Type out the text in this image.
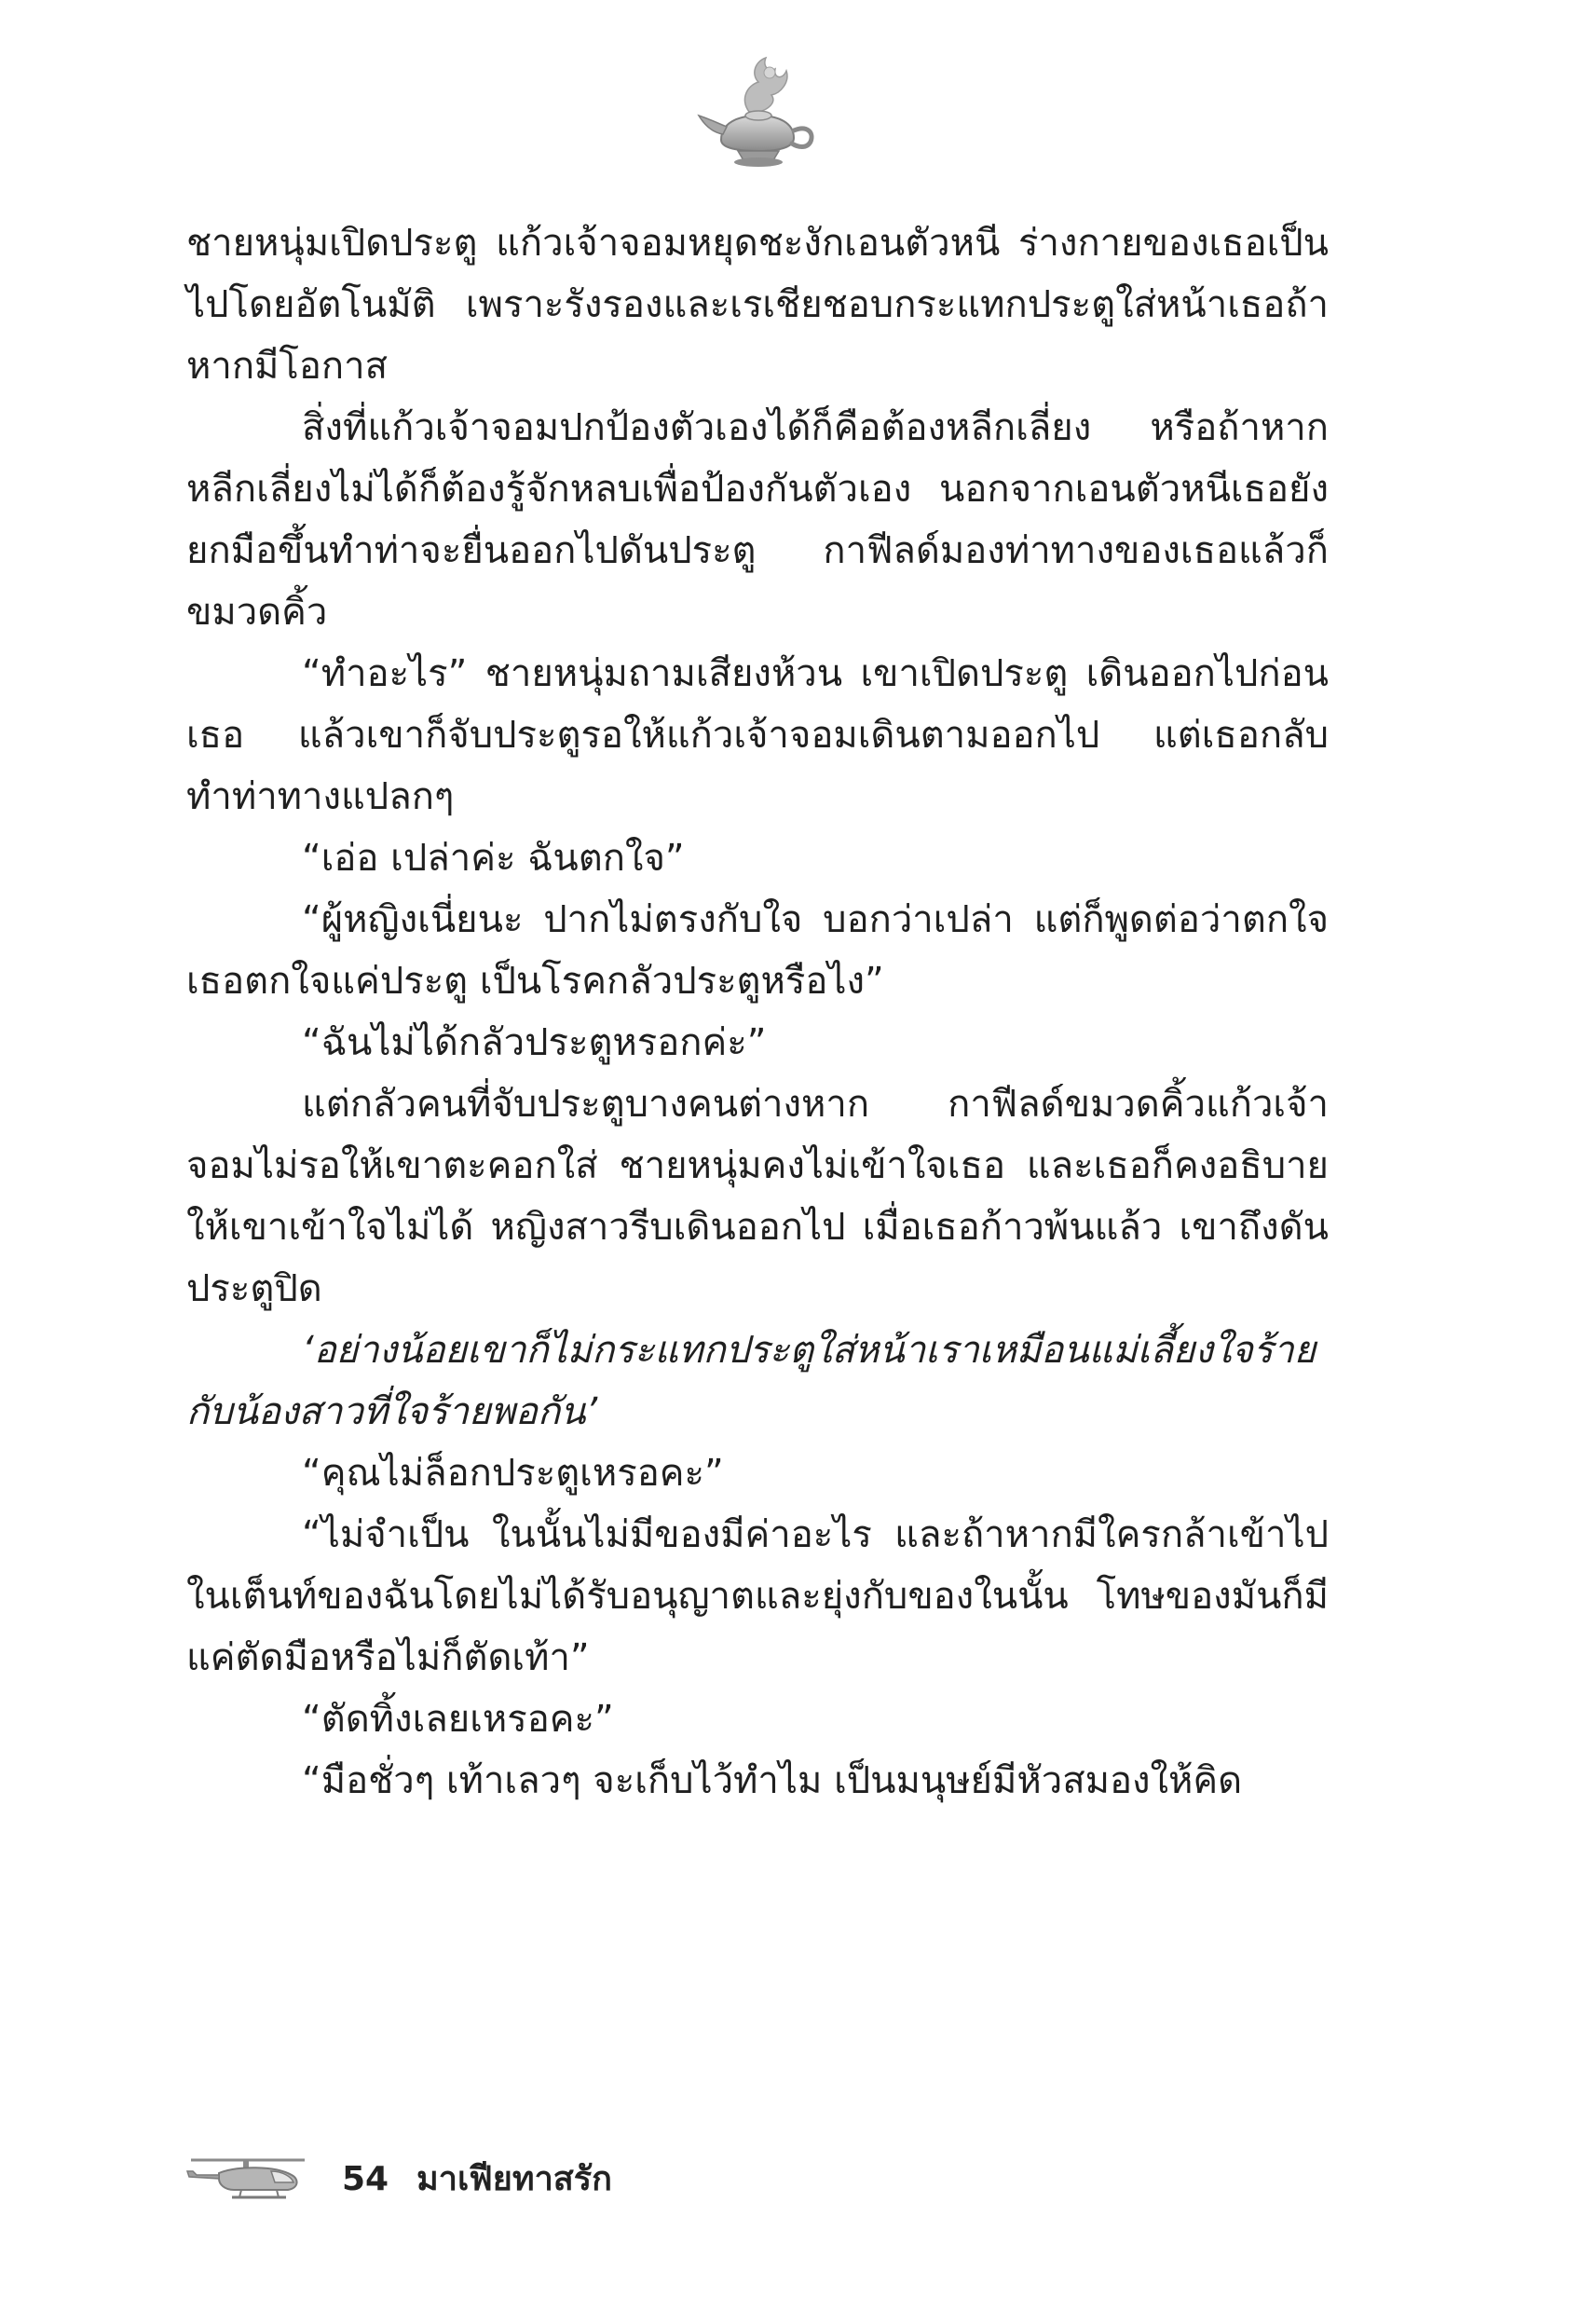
ชายหนุ่มเปิดประตู แก้วเจ้าจอมหยุดชะงักเอนตัวหนี ร่างกายของเธอเป็นไปโดยอัตโนมัติ เพราะรังรองและเรเชียชอบกระแทกประตูใส่หน้าเธอถ้าหากมีโอกาส

สิ่งที่แก้วเจ้าจอมปกป้องตัวเองได้ก็คือต้องหลีกเลี่ยง หรือถ้าหากหลีกเลี่ยงไม่ได้ก็ต้องรู้จักหลบเพื่อป้องกันตัวเอง นอกจากเอนตัวหนีเธอยังยกมือขึ้นทำท่าจะยื่นออกไปดันประตู กาฟีลด์มองท่าทางของเธอแล้วก็ขมวดคิ้ว

“ทำอะไร” ชายหนุ่มถามเสียงห้วน เขาเปิดประตู เดินออกไปก่อนเธอ แล้วเขาก็จับประตูรอให้แก้วเจ้าจอมเดินตามออกไป แต่เธอกลับทำท่าทางแปลกๆ

“เอ่อ เปล่าค่ะ ฉันตกใจ”

“ผู้หญิงเนี่ยนะ ปากไม่ตรงกับใจ บอกว่าเปล่า แต่ก็พูดต่อว่าตกใจ เธอตกใจแค่ประตู เป็นโรคกลัวประตูหรือไง”

“ฉันไม่ได้กลัวประตูหรอกค่ะ”

แต่กลัวคนที่จับประตูบางคนต่างหาก กาฟีลด์ขมวดคิ้วแก้วเจ้าจอมไม่รอให้เขาตะคอกใส่ ชายหนุ่มคงไม่เข้าใจเธอ และเธอก็คงอธิบายให้เขาเข้าใจไม่ได้ หญิงสาวรีบเดินออกไป เมื่อเธอก้าวพ้นแล้ว เขาถึงดันประตูปิด

‘อย่างน้อยเขาก็ไม่กระแทกประตูใส่หน้าเราเหมือนแม่เลี้ยงใจร้ายกับน้องสาวที่ใจร้ายพอกัน’

“คุณไม่ล็อกประตูเหรอคะ”

“ไม่จำเป็น ในนั้นไม่มีของมีค่าอะไร และถ้าหากมีใครกล้าเข้าไปในเต็นท์ของฉันโดยไม่ได้รับอนุญาตและยุ่งกับของในนั้น โทษของมันก็มีแค่ตัดมือหรือไม่ก็ตัดเท้า”

“ตัดทิ้งเลยเหรอคะ”

“มือชั่วๆ เท้าเลวๆ จะเก็บไว้ทำไม เป็นมนุษย์มีหัวสมองให้คิด

54 มาเฟียทาสรัก
